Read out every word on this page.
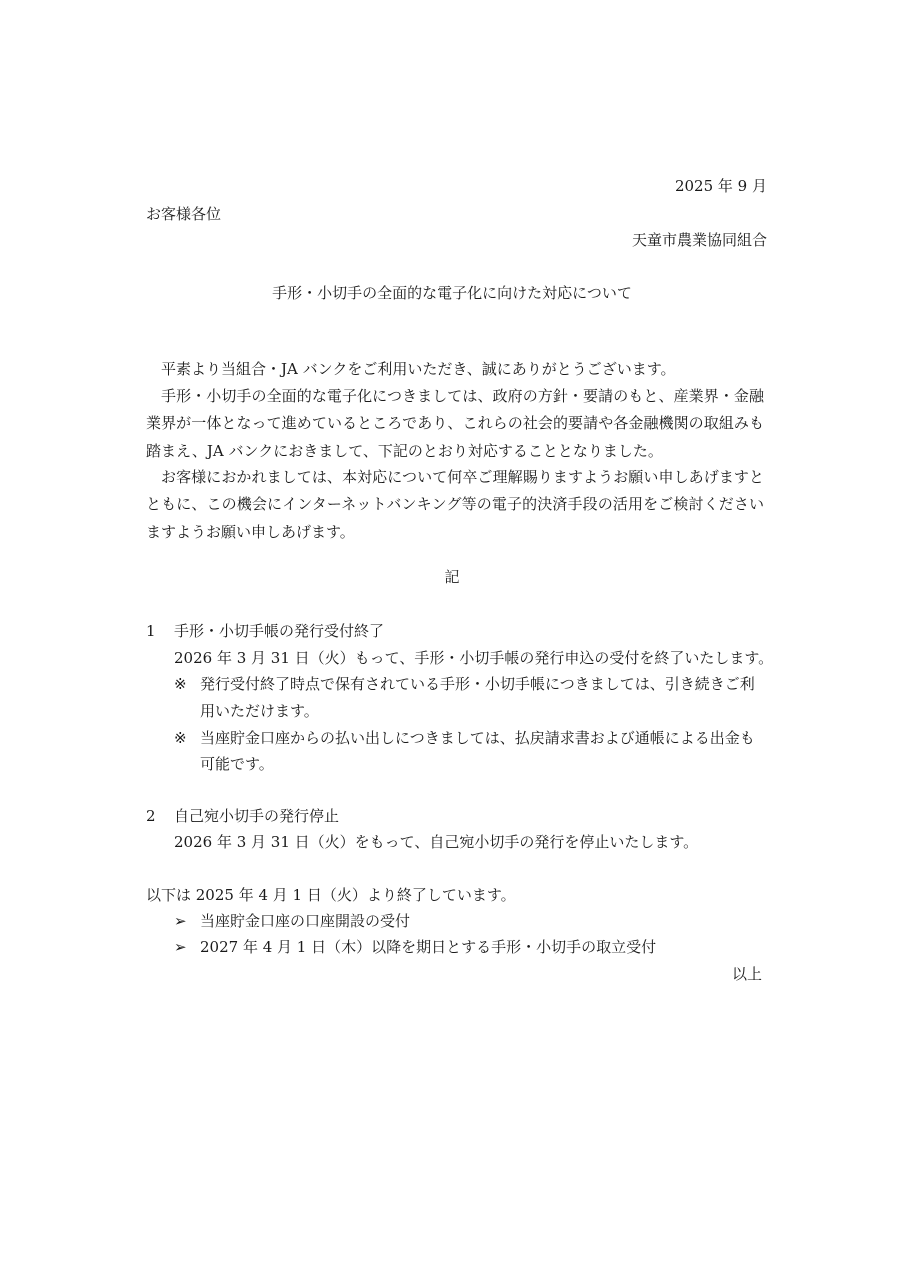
2025 年 9 月
お客様各位
天童市農業協同組合
手形・小切手の全面的な電子化に向けた対応について
平素より当組合・JA バンクをご利用いただき、誠にありがとうございます。
手形・小切手の全面的な電子化につきましては、政府の方針・要請のもと、産業界・金融業界が一体となって進めているところであり、これらの社会的要請や各金融機関の取組みも踏まえ、JA バンクにおきまして、下記のとおり対応することとなりました。
お客様におかれましては、本対応について何卒ご理解賜りますようお願い申しあげますとともに、この機会にインターネットバンキング等の電子的決済手段の活用をご検討くださいますようお願い申しあげます。
記
1 手形・小切手帳の発行受付終了
2026 年 3 月 31 日（火）もって、手形・小切手帳の発行申込の受付を終了いたします。
※ 発行受付終了時点で保有されている手形・小切手帳につきましては、引き続きご利
用いただけます。
※ 当座貯金口座からの払い出しにつきましては、払戻請求書および通帳による出金も
可能です。
2 自己宛小切手の発行停止
2026 年 3 月 31 日（火）をもって、自己宛小切手の発行を停止いたします。
以下は 2025 年 4 月 1 日（火）より終了しています。
➢ 当座貯金口座の口座開設の受付
➢ 2027 年 4 月 1 日（木）以降を期日とする手形・小切手の取立受付
以上
